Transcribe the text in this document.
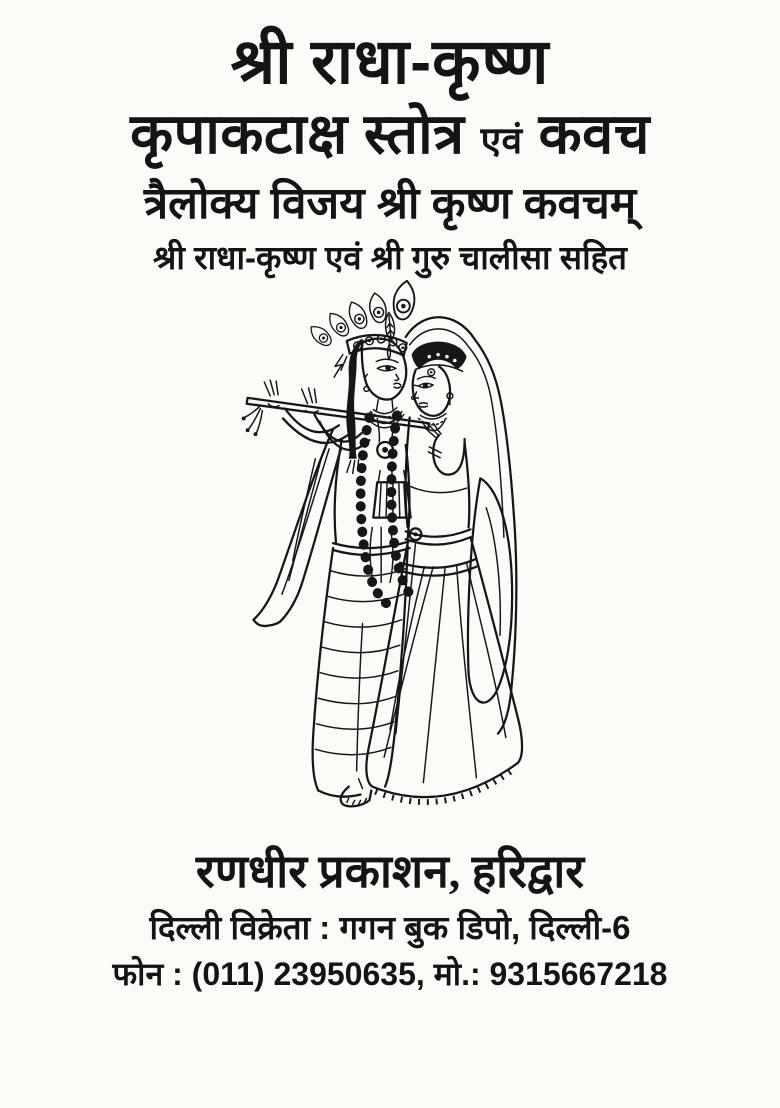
श्री राधा-कृष्ण
कृपाकटाक्ष स्तोत्र एवं कवच
त्रैलोक्य विजय श्री कृष्ण कवचम्
श्री राधा-कृष्ण एवं श्री गुरु चालीसा सहित
रणधीर प्रकाशन, हरिद्वार
दिल्ली विक्रेता : गगन बुक डिपो, दिल्ली-6
फोन : (011) 23950635, मो.: 9315667218
